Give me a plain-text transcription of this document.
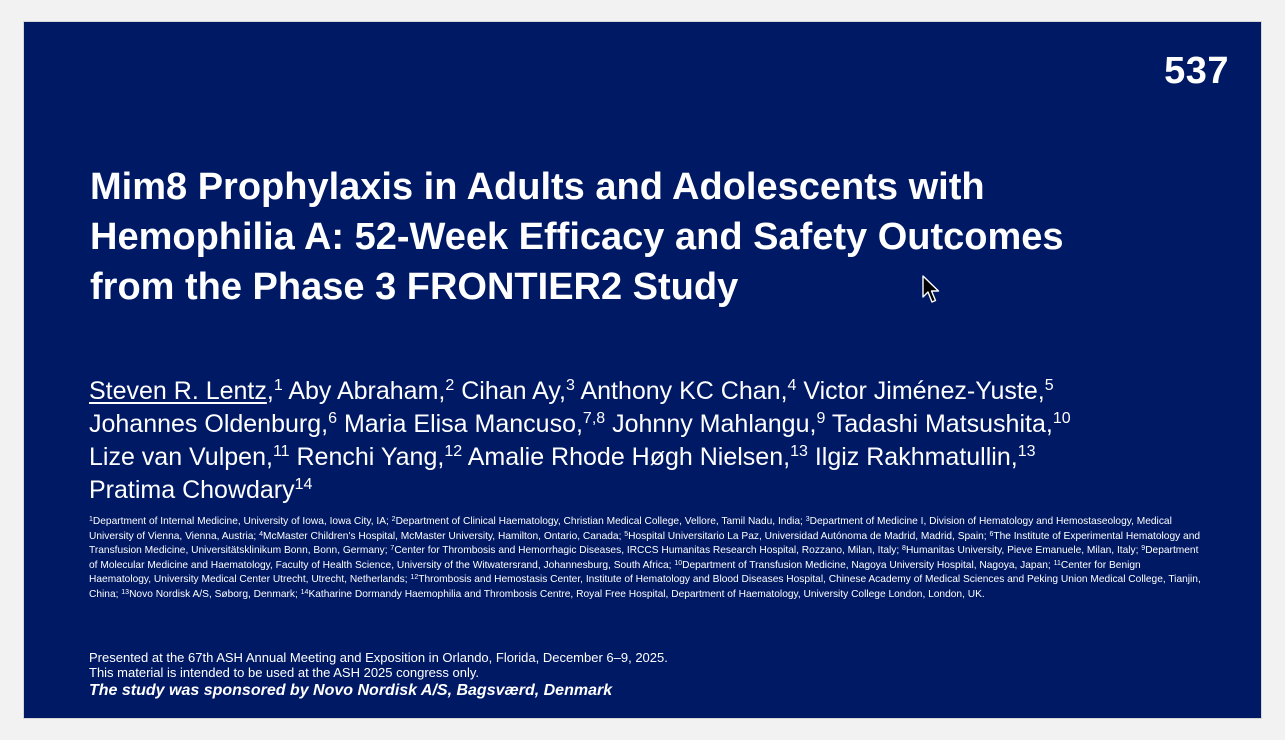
537
Mim8 Prophylaxis in Adults and Adolescents with
Hemophilia A: 52-Week Efficacy and Safety Outcomes
from the Phase 3 FRONTIER2 Study
Steven R. Lentz,$^1$ Aby Abraham,$^2$ Cihan Ay,$^3$ Anthony KC Chan,$^4$ Victor Jiménez-Yuste,$^5$
Johannes Oldenburg,$^6$ Maria Elisa Mancuso,$^{7,8}$ Johnny Mahlangu,$^9$ Tadashi Matsushita,$^{10}$
Lize van Vulpen,$^{11}$ Renchi Yang,$^{12}$ Amalie Rhode Høgh Nielsen,$^{13}$ Ilgiz Rakhmatullin,$^{13}$
Pratima Chowdary$^{14}$
$^1$Department of Internal Medicine, University of Iowa, Iowa City, IA; $^2$Department of Clinical Haematology, Christian Medical College, Vellore, Tamil Nadu, India; $^3$Department of Medicine I, Division of Hematology and Hemostaseology, Medical University of Vienna, Vienna, Austria; $^4$McMaster Children's Hospital, McMaster University, Hamilton, Ontario, Canada; $^5$Hospital Universitario La Paz, Universidad Autónoma de Madrid, Madrid, Spain; $^6$The Institute of Experimental Hematology and Transfusion Medicine, Universitätsklinikum Bonn, Bonn, Germany; $^7$Center for Thrombosis and Hemorrhagic Diseases, IRCCS Humanitas Research Hospital, Rozzano, Milan, Italy; $^8$Humanitas University, Pieve Emanuele, Milan, Italy; $^9$Department of Molecular Medicine and Haematology, Faculty of Health Science, University of the Witwatersrand, Johannesburg, South Africa; $^{10}$Department of Transfusion Medicine, Nagoya University Hospital, Nagoya, Japan; $^{11}$Center for Benign Haematology, University Medical Center Utrecht, Utrecht, Netherlands; $^{12}$Thrombosis and Hemostasis Center, Institute of Hematology and Blood Diseases Hospital, Chinese Academy of Medical Sciences and Peking Union Medical College, Tianjin, China; $^{13}$Novo Nordisk A/S, Søborg, Denmark; $^{14}$Katharine Dormandy Haemophilia and Thrombosis Centre, Royal Free Hospital, Department of Haematology, University College London, London, UK.
Presented at the 67th ASH Annual Meeting and Exposition in Orlando, Florida, December 6–9, 2025.
This material is intended to be used at the ASH 2025 congress only.
The study was sponsored by Novo Nordisk A/S, Bagsværd, Denmark
